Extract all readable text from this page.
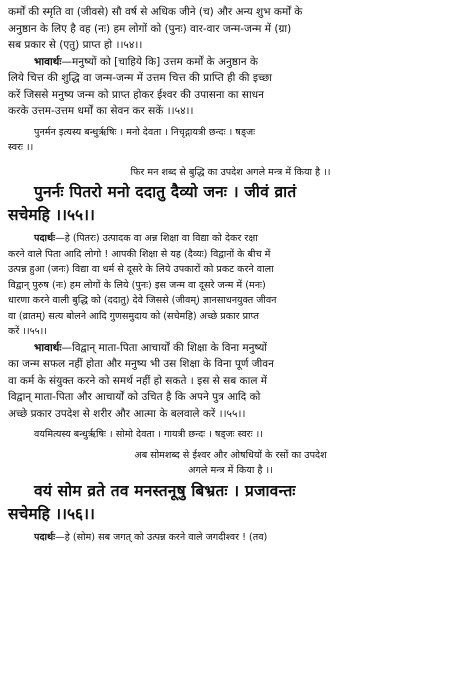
कर्मों की स्मृति वा (जीवसे) सौ वर्ष से अधिक जीने (च) और अन्य शुभ कर्मों के
अनुष्ठान के लिए है वह (नः) हम लोगों को (पुनः) वार-वार जन्म-जन्म में (ग्रा)
सब प्रकार से (एतु) प्राप्त हो ।।५४।।
भावार्थः—मनुष्यों को [चाहिये कि] उत्तम कर्मों के अनुष्ठान के
लिये चित्त की शुद्धि वा जन्म-जन्म में उत्तम चित्त की प्राप्ति ही की इच्छा
करें जिससे मनुष्य जन्म को प्राप्त होकर ईश्वर की उपासना का साधन
करके उत्तम-उत्तम धर्मों का सेवन कर सकें ।।५४।।
पुनर्मन इत्यस्य बन्धुर्ऋषिः । मनो देवता । निचृद्गायत्री छन्दः । षड्जः
स्वरः ।।
फिर मन शब्द से बुद्धि का उपदेश अगले मन्त्र में किया है ।।
पुनर्नः पितरो मनो ददातु दैव्यो जनः । जीवं व्रातं
सचेमहि ।।५५।।
पदार्थः—हे (पितरः) उत्पादक वा अन्न शिक्षा वा विद्या को देकर रक्षा
करने वाले पिता आदि लोगो ! आपकी शिक्षा से यह (दैव्यः) विद्वानों के बीच में
उत्पन्न हुआ (जनः) विद्या वा धर्म से दूसरे के लिये उपकारों को प्रकट करने वाला
विद्वान् पुरुष (नः) हम लोगों के लिये (पुनः) इस जन्म वा दूसरे जन्म में (मनः)
धारणा करने वाली बुद्धि को (ददातु) देवे जिससे (जीवम्) ज्ञानसाधनयुक्त जीवन
वा (व्रातम्) सत्य बोलने आदि गुणसमुदाय को (सचेमहि) अच्छे प्रकार प्राप्त
करें ।।५५।।
भावार्थः—विद्वान् माता-पिता आचार्यों की शिक्षा के विना मनुष्यों
का जन्म सफल नहीं होता और मनुष्य भी उस शिक्षा के विना पूर्ण जीवन
वा कर्म के संयुक्त करने को समर्थ नहीं हो सकते । इस से सब काल में
विद्वान् माता-पिता और आचार्यों को उचित है कि अपने पुत्र आदि को
अच्छे प्रकार उपदेश से शरीर और आत्मा के बलवाले करें ।।५५।।
वयमित्यस्य बन्धुर्ऋषिः । सोमो देवता । गायत्री छन्दः । षड्जः स्वरः ।।
अब सोमशब्द से ईश्वर और ओषधियों के रसों का उपदेश
अगले मन्त्र में किया है ।।
वयं सोम व्रते तव मनस्तनूषु बिभ्रतः । प्रजावन्तः
सचेमहि ।।५६।।
पदार्थः—हे (सोम) सब जगत् को उत्पन्न करने वाले जगदीश्वर ! (तव)
